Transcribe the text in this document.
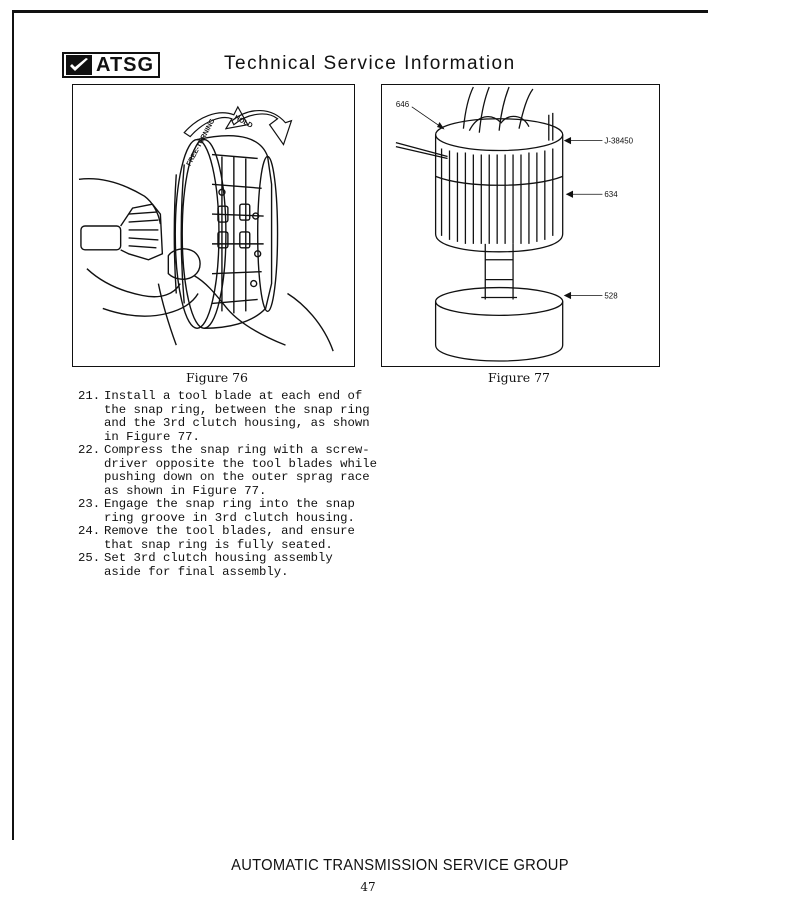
ATSG	Technical Service Information
FREE-TURNING HOLD
Figure 76
646
J-38450
634
528
Figure 77
21. Install a tool blade at each end of
the snap ring, between the snap ring
and the 3rd clutch housing, as shown
in Figure 77.
22. Compress the snap ring with a screw-
driver opposite the tool blades while
pushing down on the outer sprag race
as shown in Figure 77.
23. Engage the snap ring into the snap
ring groove in 3rd clutch housing.
24. Remove the tool blades, and ensure
that snap ring is fully seated.
25. Set 3rd clutch housing assembly
aside for final assembly.
AUTOMATIC TRANSMISSION SERVICE GROUP
47
